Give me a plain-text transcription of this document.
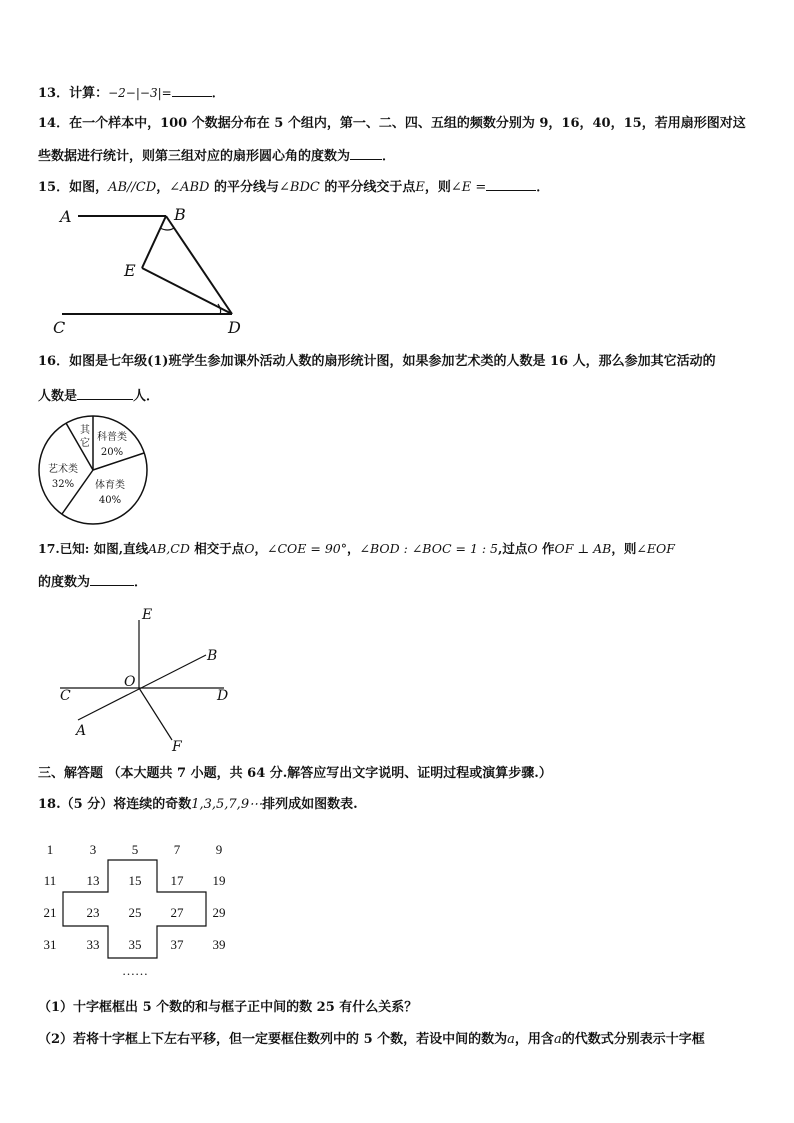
13．计算：−2−|−3|=	．
14．在一个样本中，100 个数据分布在 5 个组内，第一、二、四、五组的频数分别为 9，16，40，15，若用扇形图对这
些数据进行统计，则第三组对应的扇形圆心角的度数为 ．
15．如图，AB//CD，∠ABD 的平分线与∠BDC 的平分线交于点E，则∠E =	．
A	B
C	D
E
16．如图是七年级(1)班学生参加课外活动人数的扇形统计图，如果参加艺术类的人数是 16 人，那么参加其它活动的
人数是	人．
其
它
科普类
20%
艺术类
32% 体育类
40%
17.已知: 如图,直线AB,CD 相交于点O，∠COE = 90°，∠BOD : ∠BOC = 1 : 5,过点O 作OF ⊥ AB，则∠EOF
的度数为	．
E
B
O
C	D
A
F
三、解答题 （本大题共 7 小题，共 64 分.解答应写出文字说明、证明过程或演算步骤.）
18.（5 分）将连续的奇数1,3,5,7,9⋯排列成如图数表.
1	3	5	7	9
11	13	15	17	19
21	23	25	27	29
31	33	35	37	39
……
（1）十字框框出 5 个数的和与框子正中间的数 25 有什么关系？
（2）若将十字框上下左右平移，但一定要框住数列中的 5 个数，若设中间的数为a，用含a的代数式分别表示十字框
